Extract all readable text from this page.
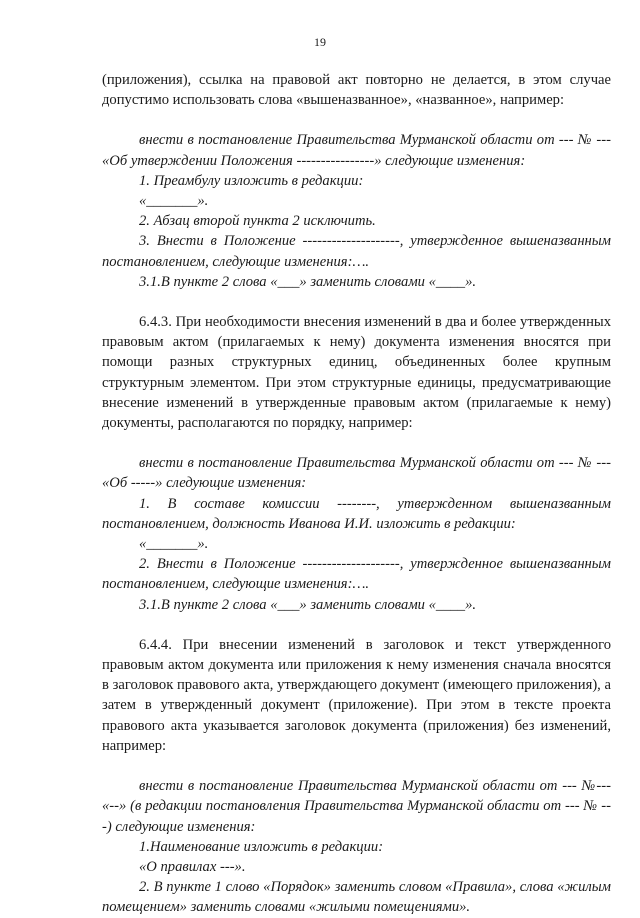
19

(приложения), ссылка на правовой акт повторно не делается, в этом случае допустимо использовать слова «вышеназванное», «названное», например:

внести в постановление Правительства Мурманской области от --- № --- «Об утверждении Положения ----------------» следующие изменения:

1. Преамбулу изложить в редакции:

«_______».

2. Абзац второй пункта 2 исключить.

3. Внести в Положение --------------------, утвержденное вышеназванным постановлением, следующие изменения:….

3.1.В пункте 2 слова «___» заменить словами «____».

6.4.3. При необходимости внесения изменений в два и более утвержденных правовым актом (прилагаемых к нему) документа изменения вносятся при помощи разных структурных единиц, объединенных более крупным структурным элементом. При этом структурные единицы, предусматривающие внесение изменений в утвержденные правовым актом (прилагаемые к нему) документы, располагаются по порядку, например:

внести в постановление Правительства Мурманской области от --- № --- «Об -----» следующие изменения:

1. В составе комиссии --------, утвержденном вышеназванным постановлением, должность Иванова И.И. изложить в редакции:

«_______».

2. Внести в Положение --------------------, утвержденное вышеназванным постановлением, следующие изменения:….

3.1.В пункте 2 слова «___» заменить словами «____».

6.4.4. При внесении изменений в заголовок и текст утвержденного правовым актом документа или приложения к нему изменения сначала вносятся в заголовок правового акта, утверждающего документ (имеющего приложения), а затем в утвержденный документ (приложение). При этом в тексте проекта правового акта указывается заголовок документа (приложения) без изменений, например:

внести в постановление Правительства Мурманской области от --- №--- «--» (в редакции постановления Правительства Мурманской области от --- № ---) следующие изменения:

1.Наименование изложить в редакции:

«О правилах ---».

2. В пункте 1 слово «Порядок» заменить словом «Правила», слова «жилым помещением» заменить словами «жилыми помещениями».
